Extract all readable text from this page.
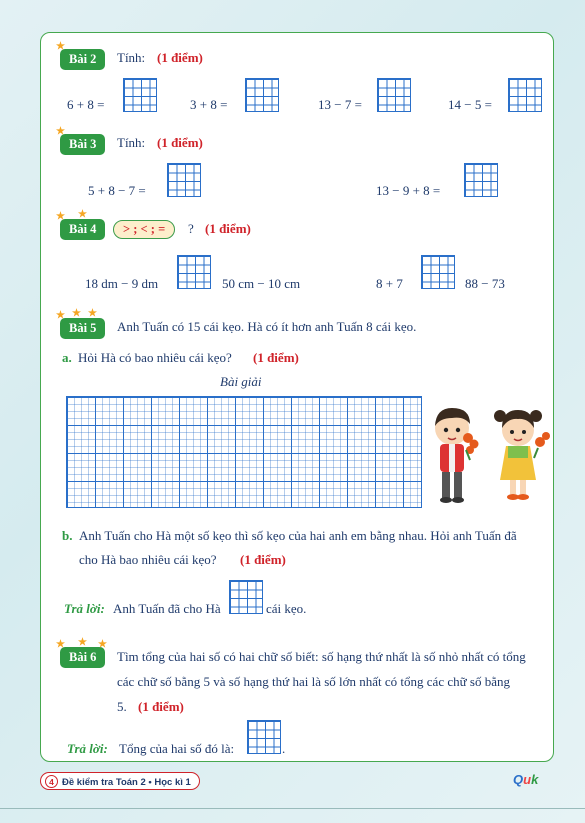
★
Bài 2	Tính: (1 điểm)
6 + 8 =	3 + 8 =	13 − 7 =	14 − 5 =
★
Bài 3	Tính: (1 điểm)
5 + 8 − 7 =	13 − 9 + 8 =
★ ★
Bài 4	> ; < ; =	? (1 điểm)
18 dm − 9 dm	50 cm − 10 cm	8 + 7	88 − 73
★ ★ ★
Bài 5	Anh Tuấn có 15 cái kẹo. Hà có ít hơn anh Tuấn 8 cái kẹo.
a. Hỏi Hà có bao nhiêu cái kẹo? (1 điểm)
Bài giải
b. Anh Tuấn cho Hà một số kẹo thì số kẹo của hai anh em bằng nhau. Hỏi anh Tuấn đã
cho Hà bao nhiêu cái kẹo? (1 điểm)
Trả lời: Anh Tuấn đã cho Hà	cái kẹo.
★ ★ ★
Bài 6	Tìm tổng của hai số có hai chữ số biết: số hạng thứ nhất là số nhỏ nhất có tổng
các chữ số bằng 5 và số hạng thứ hai là số lớn nhất có tổng các chữ số bằng
5. (1 điểm)
Trả lời: Tổng của hai số đó là:	.
4 Đề kiểm tra Toán 2 • Học kì 1	Quk
